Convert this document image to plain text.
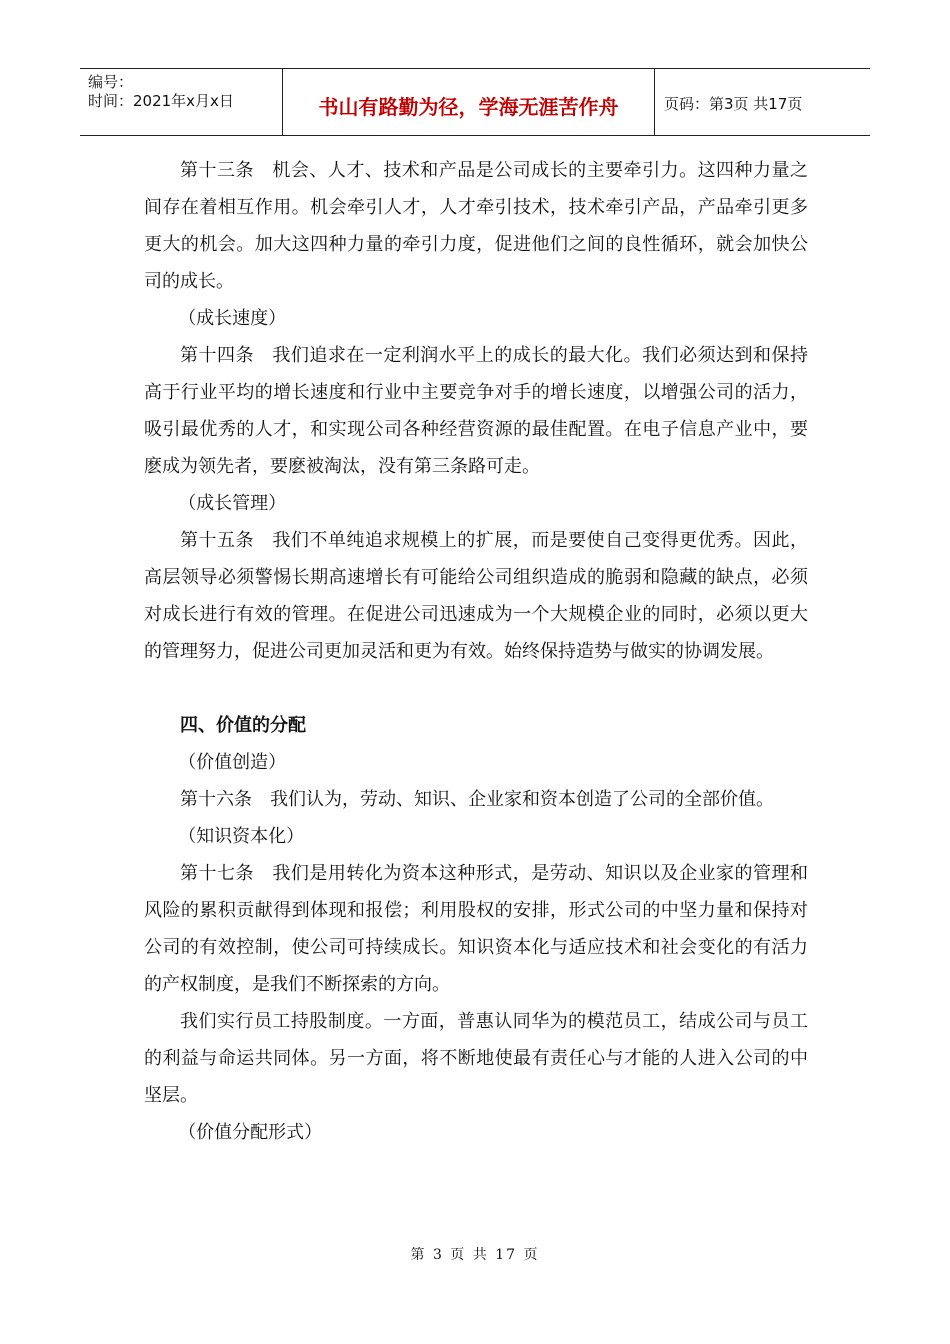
编号：
时间：2021年x月x日	书山有路勤为径，学海无涯苦作舟	页码：第3页 共17页

第十三条　机会、人才、技术和产品是公司成长的主要牵引力。这四种力量之间存在着相互作用。机会牵引人才，人才牵引技术，技术牵引产品，产品牵引更多更大的机会。加大这四种力量的牵引力度，促进他们之间的良性循环，就会加快公司的成长。

（成长速度）

第十四条　我们追求在一定利润水平上的成长的最大化。我们必须达到和保持高于行业平均的增长速度和行业中主要竞争对手的增长速度，以增强公司的活力，吸引最优秀的人才，和实现公司各种经营资源的最佳配置。在电子信息产业中，要麽成为领先者，要麽被淘汰，没有第三条路可走。

（成长管理）

第十五条　我们不单纯追求规模上的扩展，而是要使自己变得更优秀。因此，高层领导必须警惕长期高速增长有可能给公司组织造成的脆弱和隐藏的缺点，必须对成长进行有效的管理。在促进公司迅速成为一个大规模企业的同时，必须以更大的管理努力，促进公司更加灵活和更为有效。始终保持造势与做实的协调发展。

四、价值的分配

（价值创造）

第十六条　我们认为，劳动、知识、企业家和资本创造了公司的全部价值。

（知识资本化）

第十七条　我们是用转化为资本这种形式，是劳动、知识以及企业家的管理和风险的累积贡献得到体现和报偿；利用股权的安排，形式公司的中坚力量和保持对公司的有效控制，使公司可持续成长。知识资本化与适应技术和社会变化的有活力的产权制度，是我们不断探索的方向。

我们实行员工持股制度。一方面，普惠认同华为的模范员工，结成公司与员工的利益与命运共同体。另一方面，将不断地使最有责任心与才能的人进入公司的中坚层。

（价值分配形式）

第 3 页 共 17 页
